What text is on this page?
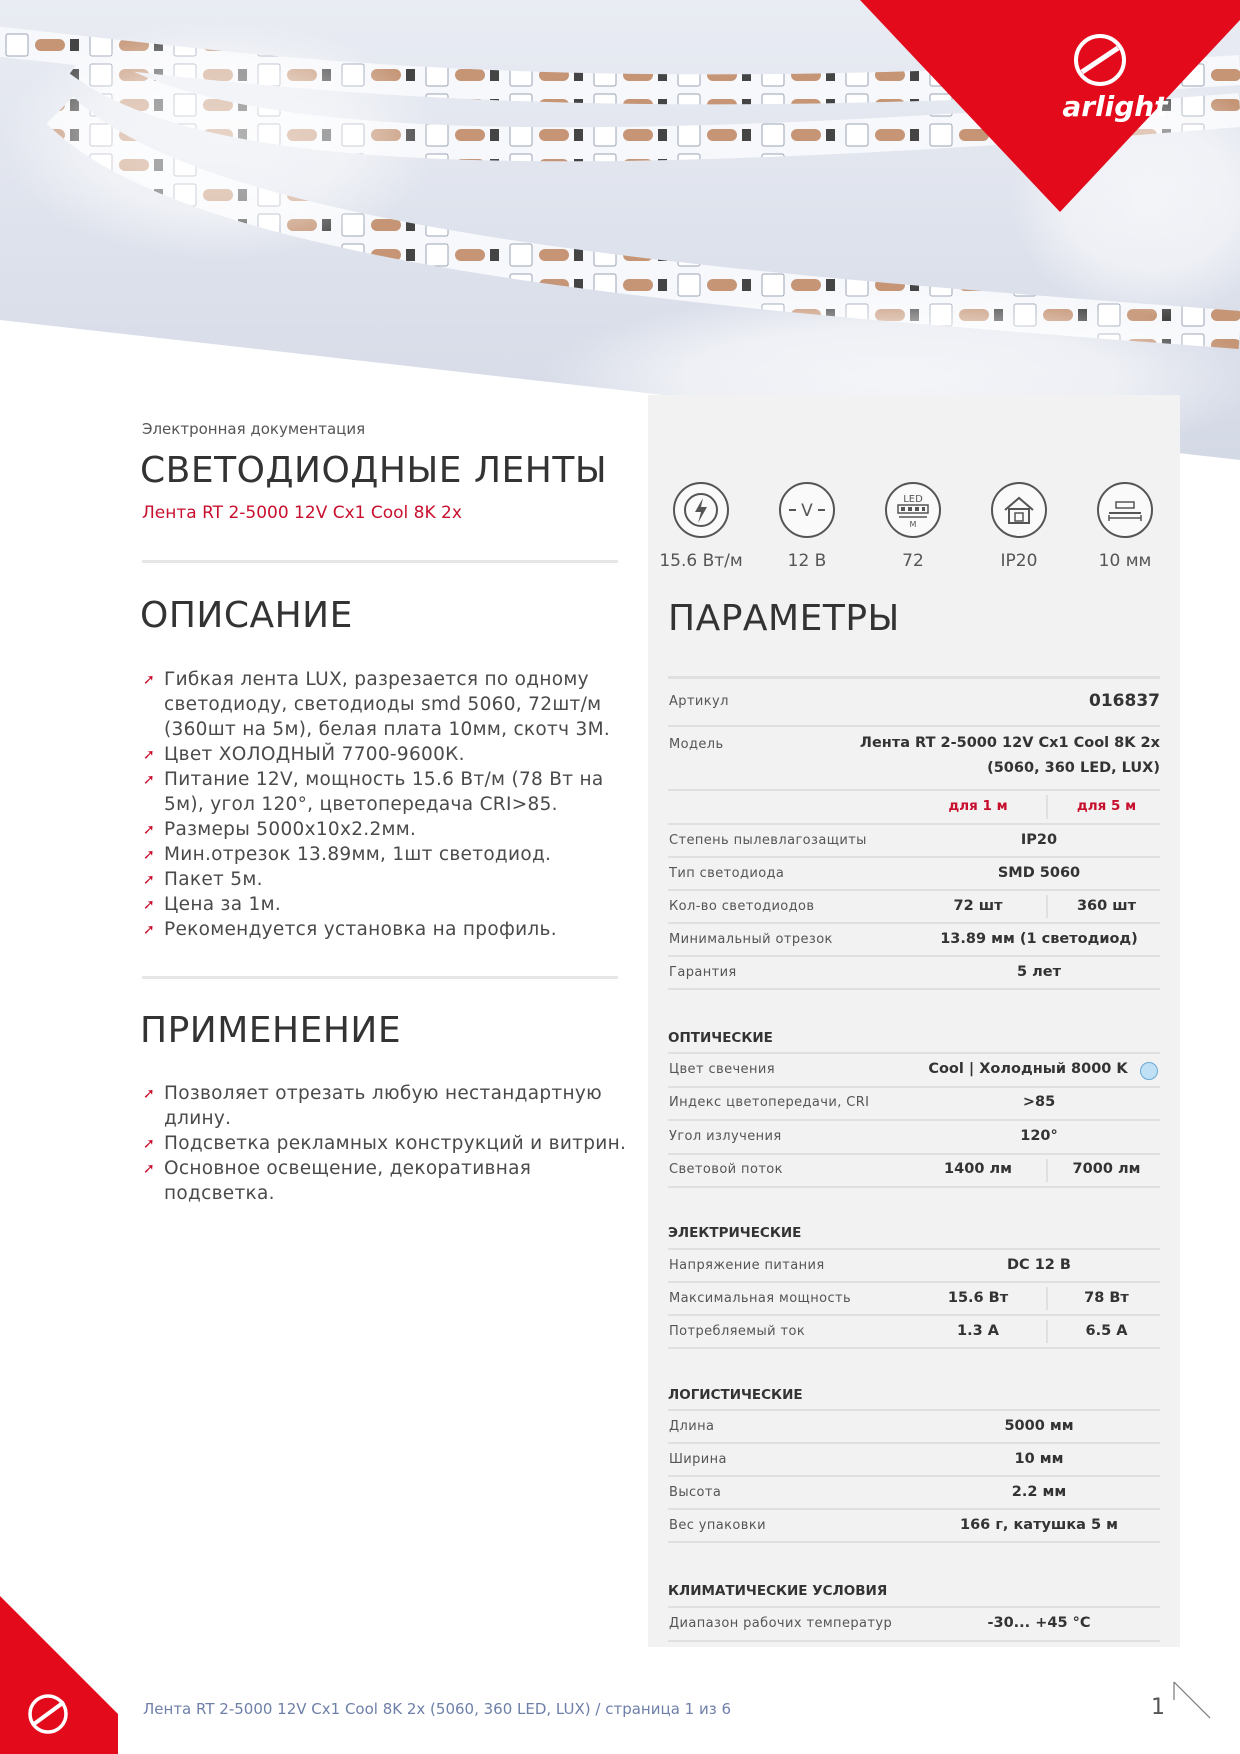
arlight
Электронная документация
СВЕТОДИОДНЫЕ ЛЕНТЫ
Лента RT 2-5000 12V Cx1 Cool 8K 2x
ОПИСАНИЕ
➚ Гибкая лента LUX, разрезается по одному светодиоду, светодиоды smd 5060, 72шт/м (360шт на 5м), белая плата 10мм, скотч 3М.
➚ Цвет ХОЛОДНЫЙ 7700-9600К.
➚ Питание 12V, мощность 15.6 Вт/м (78 Вт на 5м), угол 120°, цветопередача CRI>85.
➚ Размеры 5000x10x2.2мм.
➚ Мин.отрезок 13.89мм, 1шт светодиод.
➚ Пакет 5м.
➚ Цена за 1м.
➚ Рекомендуется установка на профиль.
ПРИМЕНЕНИЕ
➚ Позволяет отрезать любую нестандартную длину.
➚ Подсветка рекламных конструкций и витрин.
➚ Основное освещение, декоративная подсветка.
15.6 Вт/м
V
12 В
LED
M
72	IP20	10 мм
ПАРАМЕТРЫ
Артикул	016837
Модель	Лента RT 2-5000 12V Cx1 Cool 8K 2x
(5060, 360 LED, LUX)
для 1 м	для 5 м
Степень пылевлагозащиты	IP20
Тип светодиода	SMD 5060
Кол-во светодиодов	72 шт	360 шт
Минимальный отрезок	13.89 мм (1 светодиод)
Гарантия	5 лет
ОПТИЧЕСКИЕ
Цвет свечения	Cool | Холодный 8000 K
Индекс цветопередачи, CRI	>85
Угол излучения	120°
Световой поток	1400 лм	7000 лм
ЭЛЕКТРИЧЕСКИЕ
Напряжение питания	DC 12 В
Максимальная мощность	15.6 Вт	78 Вт
Потребляемый ток	1.3 А	6.5 А
ЛОГИСТИЧЕСКИЕ
Длина	5000 мм
Ширина	10 мм
Высота	2.2 мм
Вес упаковки	166 г, катушка 5 м
КЛИМАТИЧЕСКИЕ УСЛОВИЯ
Диапазон рабочих температур	-30... +45 °C
Лента RT 2-5000 12V Cx1 Cool 8K 2x (5060, 360 LED, LUX) / страница 1 из 6	1
